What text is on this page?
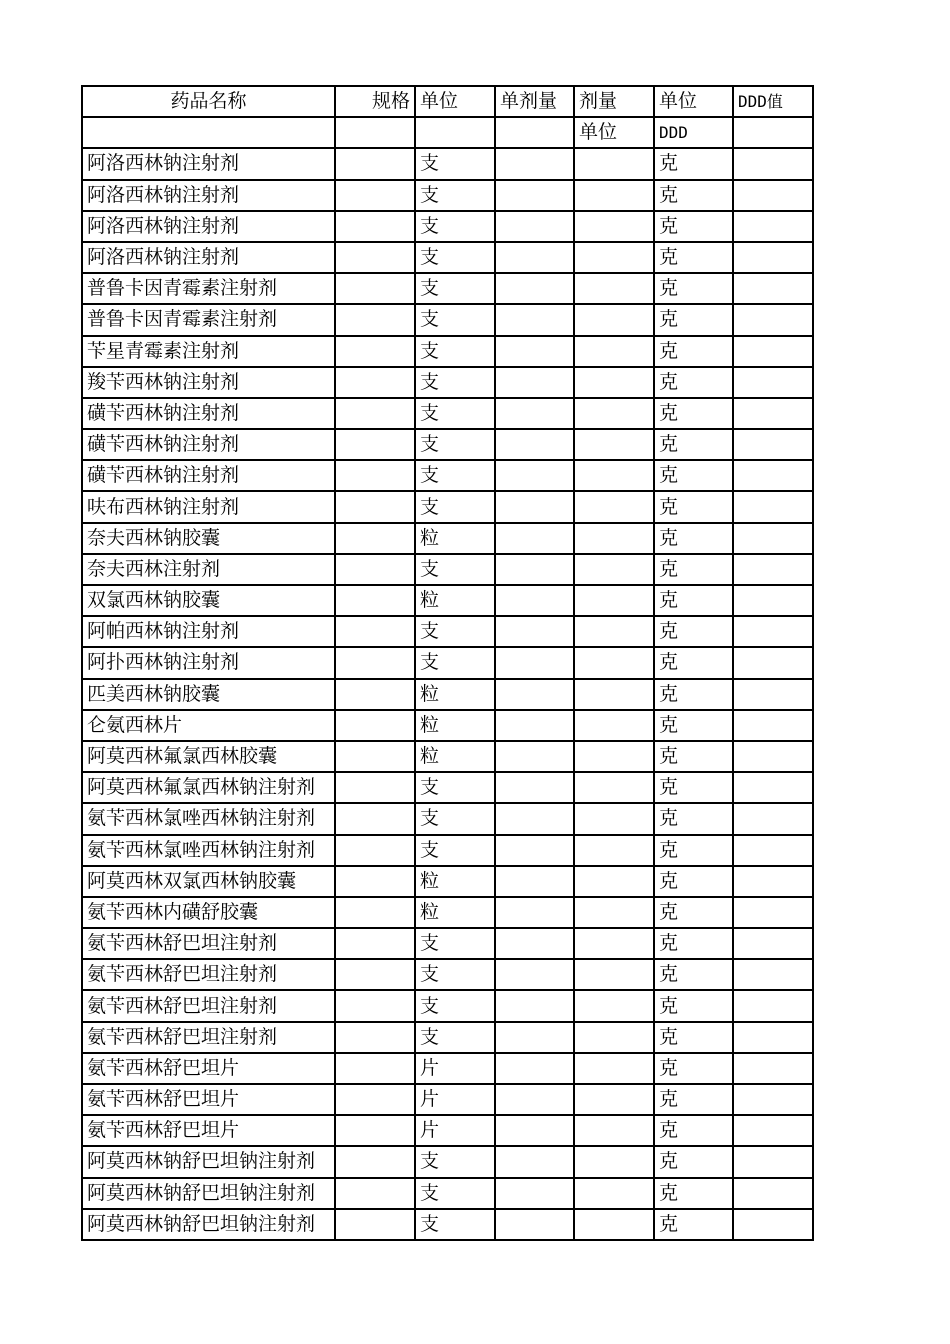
药品名称	规格	单位	单剂量	剂量	单位	DDD值
				单位	DDD	
阿洛西林钠注射剂		支			克	
阿洛西林钠注射剂		支			克	
阿洛西林钠注射剂		支			克	
阿洛西林钠注射剂		支			克	
普鲁卡因青霉素注射剂		支			克	
普鲁卡因青霉素注射剂		支			克	
苄星青霉素注射剂		支			克	
羧苄西林钠注射剂		支			克	
磺苄西林钠注射剂		支			克	
磺苄西林钠注射剂		支			克	
磺苄西林钠注射剂		支			克	
呋布西林钠注射剂		支			克	
奈夫西林钠胶囊		粒			克	
奈夫西林注射剂		支			克	
双氯西林钠胶囊		粒			克	
阿帕西林钠注射剂		支			克	
阿扑西林钠注射剂		支			克	
匹美西林钠胶囊		粒			克	
仑氨西林片		粒			克	
阿莫西林氟氯西林胶囊		粒			克	
阿莫西林氟氯西林钠注射剂		支			克	
氨苄西林氯唑西林钠注射剂		支			克	
氨苄西林氯唑西林钠注射剂		支			克	
阿莫西林双氯西林钠胶囊		粒			克	
氨苄西林内磺舒胶囊		粒			克	
氨苄西林舒巴坦注射剂		支			克	
氨苄西林舒巴坦注射剂		支			克	
氨苄西林舒巴坦注射剂		支			克	
氨苄西林舒巴坦注射剂		支			克	
氨苄西林舒巴坦片		片			克	
氨苄西林舒巴坦片		片			克	
氨苄西林舒巴坦片		片			克	
阿莫西林钠舒巴坦钠注射剂		支			克	
阿莫西林钠舒巴坦钠注射剂		支			克	
阿莫西林钠舒巴坦钠注射剂		支			克	
